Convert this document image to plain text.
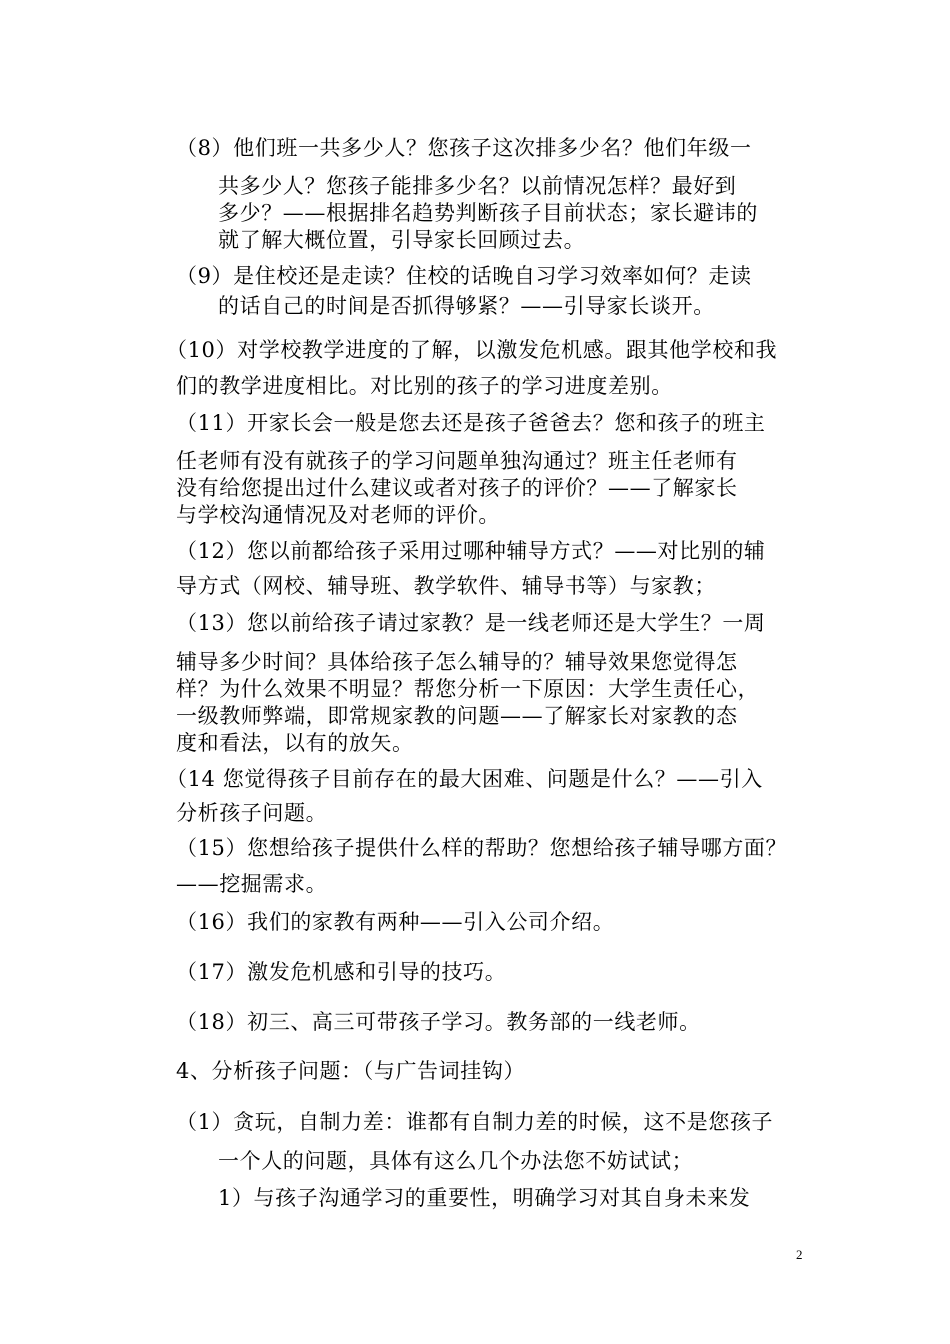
（8）他们班一共多少人？您孩子这次排多少名？他们年级一
共多少人？您孩子能排多少名？以前情况怎样？最好到
多少？——根据排名趋势判断孩子目前状态；家长避讳的
就了解大概位置，引导家长回顾过去。
（9）是住校还是走读？住校的话晚自习学习效率如何？走读
的话自己的时间是否抓得够紧？——引导家长谈开。
（10）对学校教学进度的了解，以激发危机感。跟其他学校和我
们的教学进度相比。对比别的孩子的学习进度差别。
（11）开家长会一般是您去还是孩子爸爸去？您和孩子的班主
任老师有没有就孩子的学习问题单独沟通过？班主任老师有
没有给您提出过什么建议或者对孩子的评价？——了解家长
与学校沟通情况及对老师的评价。
（12）您以前都给孩子采用过哪种辅导方式？——对比别的辅
导方式（网校、辅导班、教学软件、辅导书等）与家教；
（13）您以前给孩子请过家教？是一线老师还是大学生？一周
辅导多少时间？具体给孩子怎么辅导的？辅导效果您觉得怎
样？为什么效果不明显？帮您分析一下原因：大学生责任心，
一级教师弊端，即常规家教的问题——了解家长对家教的态
度和看法，以有的放矢。
（14 您觉得孩子目前存在的最大困难、问题是什么？——引入
分析孩子问题。
（15）您想给孩子提供什么样的帮助？您想给孩子辅导哪方面？
——挖掘需求。
（16）我们的家教有两种——引入公司介绍。
（17）激发危机感和引导的技巧。
（18）初三、高三可带孩子学习。教务部的一线老师。
4、分析孩子问题：（与广告词挂钩）
（1）贪玩，自制力差：谁都有自制力差的时候，这不是您孩子
一个人的问题，具体有这么几个办法您不妨试试；
1）与孩子沟通学习的重要性，明确学习对其自身未来发
2
